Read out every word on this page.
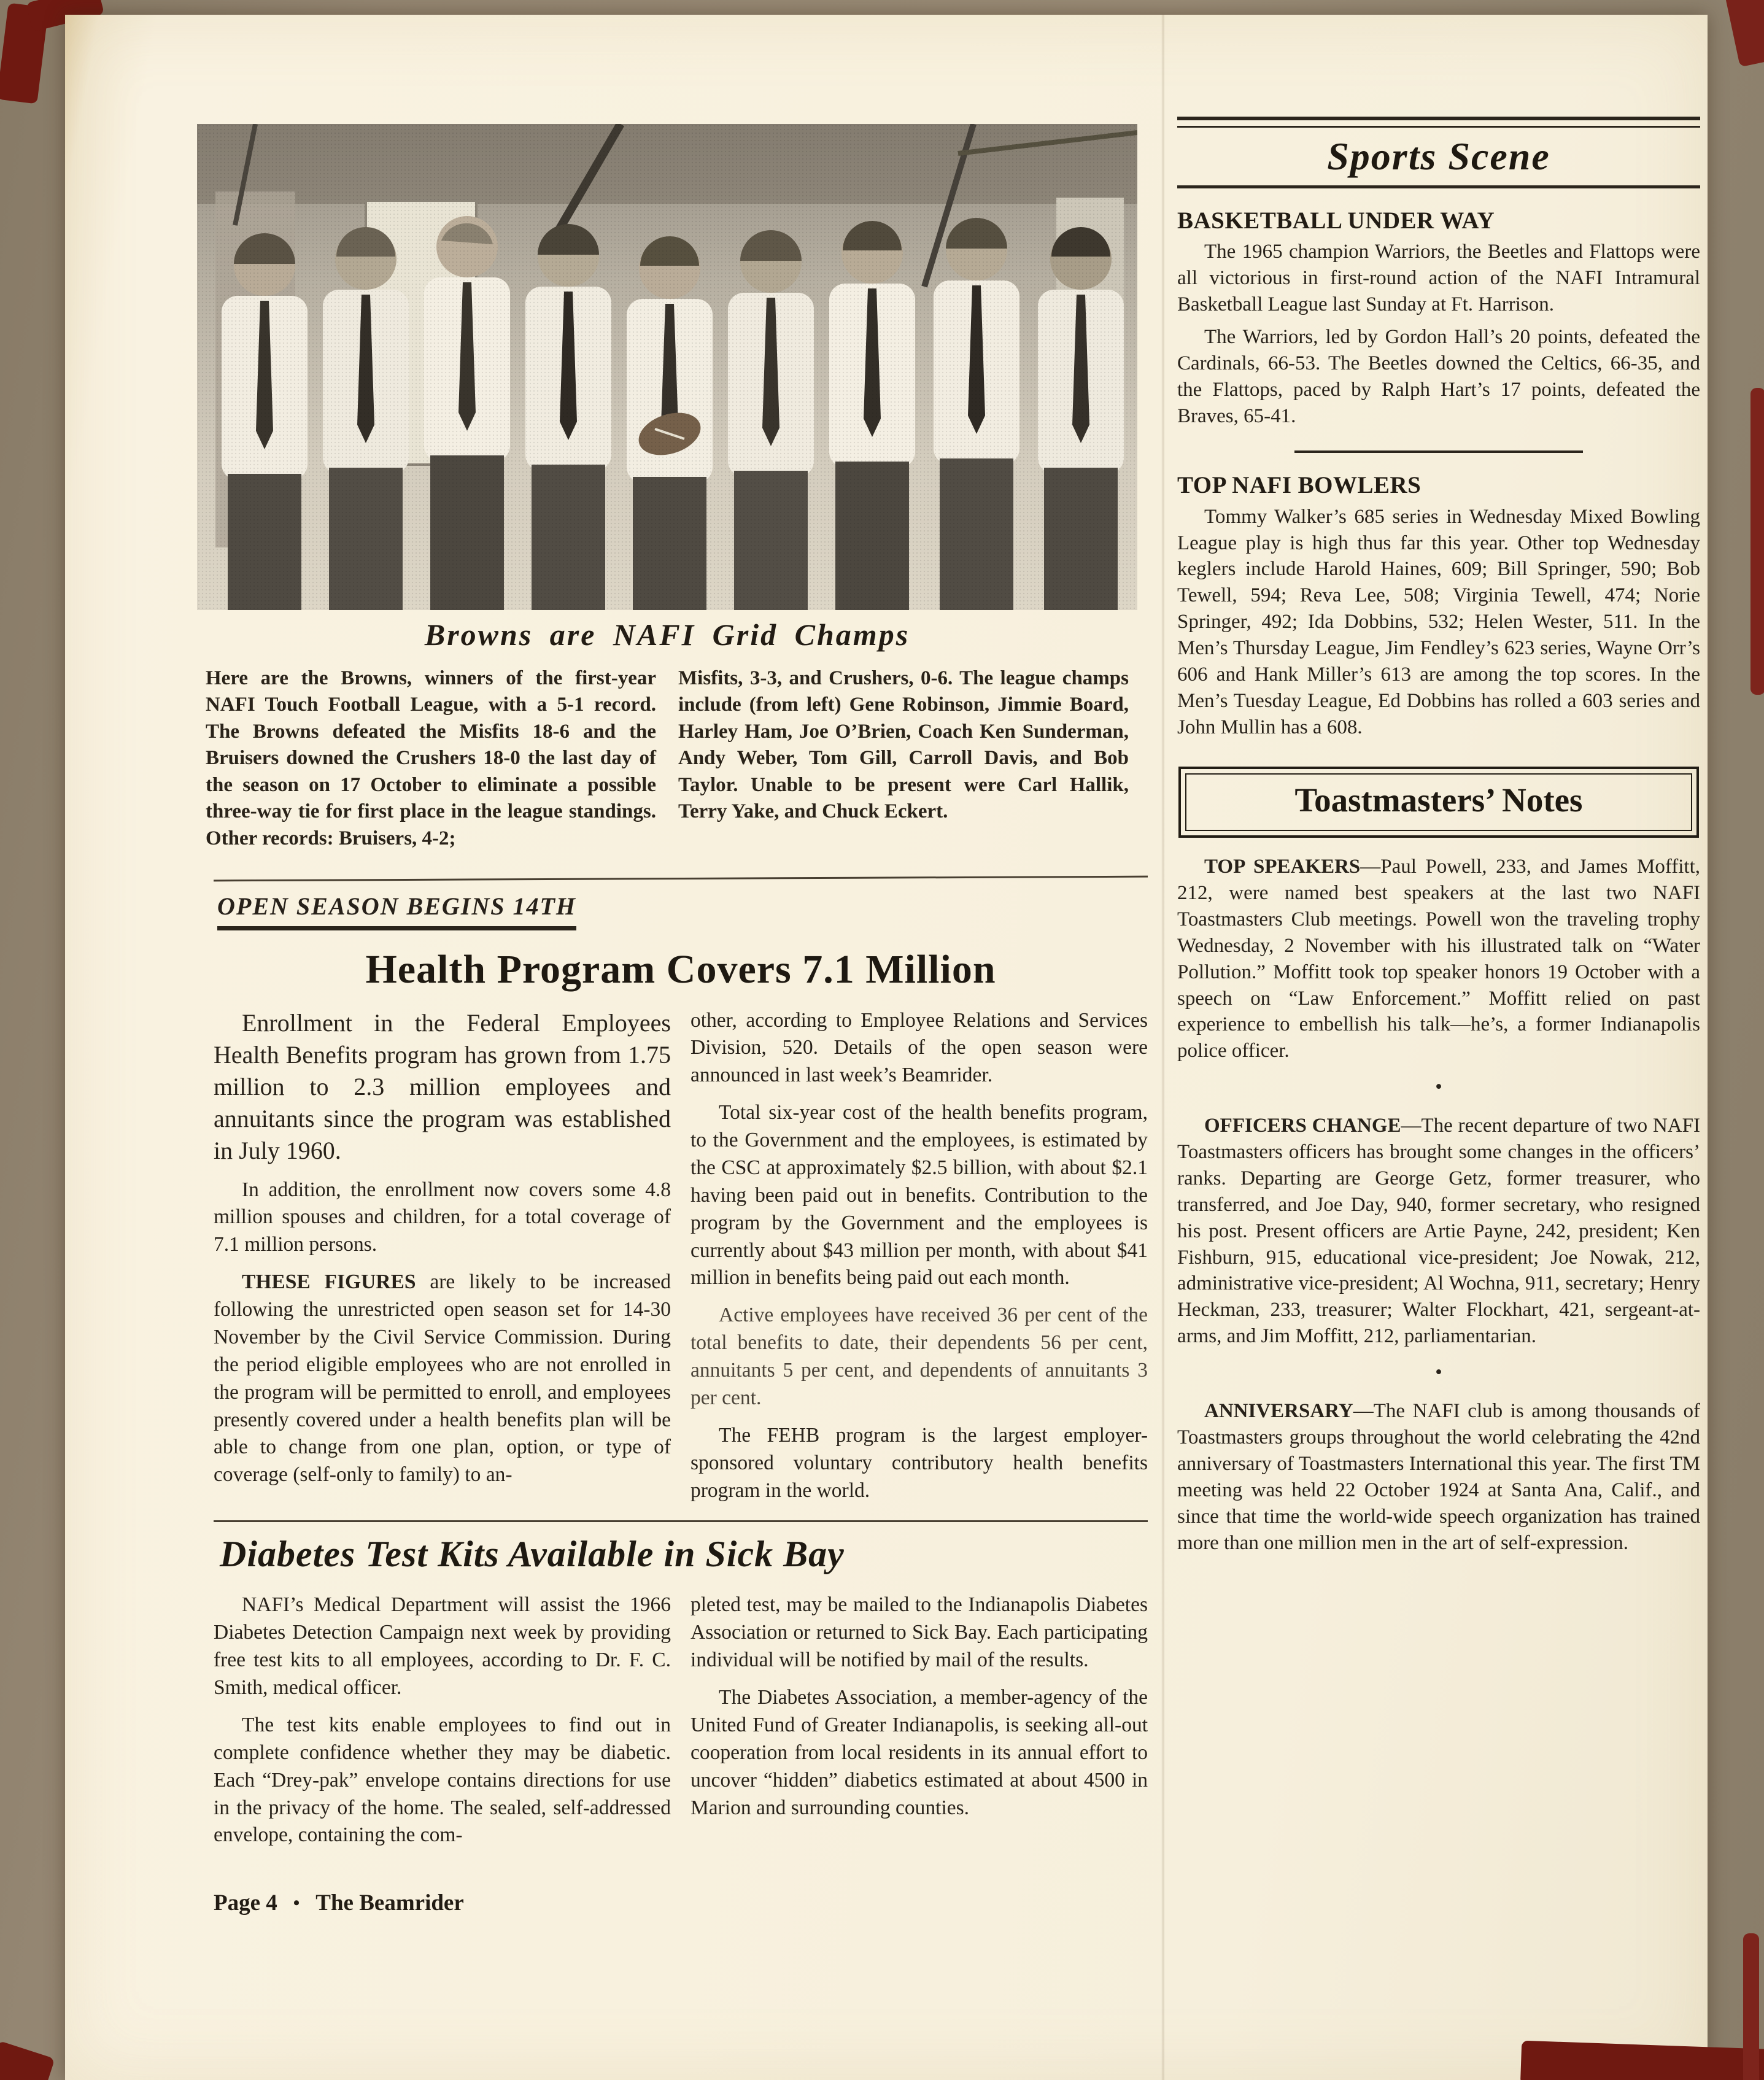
Browns are NAFI Grid Champs
Here are the Browns, winners of the first-year NAFI Touch Football League, with a 5-1 record. The Browns defeated the Misfits 18-6 and the Bruisers downed the Crushers 18-0 the last day of the season on 17 October to eliminate a possible three-way tie for first place in the league standings. Other records: Bruisers, 4-2;
Misfits, 3-3, and Crushers, 0-6. The league champs include (from left) Gene Robinson, Jimmie Board, Harley Ham, Joe O’Brien, Coach Ken Sunderman, Andy Weber, Tom Gill, Carroll Davis, and Bob Taylor. Unable to be present were Carl Hallik, Terry Yake, and Chuck Eckert.
OPEN SEASON BEGINS 14TH
Health Program Covers 7.1 Million

Enrollment in the Federal Employees Health Benefits program has grown from 1.75 million to 2.3 million employees and annuitants since the program was established in July 1960.

In addition, the enrollment now covers some 4.8 million spouses and children, for a total coverage of 7.1 million persons.

THESE FIGURES are likely to be increased following the unrestricted open season set for 14-30 November by the Civil Service Commission. During the period eligible employees who are not enrolled in the program will be permitted to enroll, and employees presently covered under a health benefits plan will be able to change from one plan, option, or type of coverage (self-only to family) to an-

other, according to Employee Relations and Services Division, 520. Details of the open season were announced in last week’s Beamrider.

Total six-year cost of the health benefits program, to the Government and the employees, is estimated by the CSC at approximately $2.5 billion, with about $2.1 having been paid out in benefits. Contribution to the program by the Government and the employees is currently about $43 million per month, with about $41 million in benefits being paid out each month.

Active employees have received 36 per cent of the total benefits to date, their dependents 56 per cent, annuitants 5 per cent, and dependents of annuitants 3 per cent.

The FEHB program is the largest employer-sponsored voluntary contributory health benefits program in the world.

Diabetes Test Kits Available in Sick Bay

NAFI’s Medical Department will assist the 1966 Diabetes Detection Campaign next week by providing free test kits to all employees, according to Dr. F. C. Smith, medical officer.

The test kits enable employees to find out in complete confidence whether they may be diabetic. Each “Drey-pak” envelope contains directions for use in the privacy of the home. The sealed, self-addressed envelope, containing the com-

pleted test, may be mailed to the Indianapolis Diabetes Association or returned to Sick Bay. Each participating individual will be notified by mail of the results.

The Diabetes Association, a member-agency of the United Fund of Greater Indianapolis, is seeking all-out cooperation from local residents in its annual effort to uncover “hidden” diabetics estimated at about 4500 in Marion and surrounding counties.

Page 4 • The Beamrider
Sports Scene
BASKETBALL UNDER WAY

The 1965 champion Warriors, the Beetles and Flattops were all victorious in first-round action of the NAFI Intramural Basketball League last Sunday at Ft. Harrison.

The Warriors, led by Gordon Hall’s 20 points, defeated the Cardinals, 66-53. The Beetles downed the Celtics, 66-35, and the Flattops, paced by Ralph Hart’s 17 points, defeated the Braves, 65-41.

TOP NAFI BOWLERS

Tommy Walker’s 685 series in Wednesday Mixed Bowling League play is high thus far this year. Other top Wednesday keglers include Harold Haines, 609; Bill Springer, 590; Bob Tewell, 594; Reva Lee, 508; Virginia Tewell, 474; Norie Springer, 492; Ida Dobbins, 532; Helen Wester, 511. In the Men’s Thursday League, Jim Fendley’s 623 series, Wayne Orr’s 606 and Hank Miller’s 613 are among the top scores. In the Men’s Tuesday League, Ed Dobbins has rolled a 603 series and John Mullin has a 608.

Toastmasters’ Notes

TOP SPEAKERS—Paul Powell, 233, and James Moffitt, 212, were named best speakers at the last two NAFI Toastmasters Club meetings. Powell won the traveling trophy Wednesday, 2 November with his illustrated talk on “Water Pollution.” Moffitt took top speaker honors 19 October with a speech on “Law Enforcement.” Moffitt relied on past experience to embellish his talk—he’s, a former Indianapolis police officer.

•

OFFICERS CHANGE—The recent departure of two NAFI Toastmasters officers has brought some changes in the officers’ ranks. Departing are George Getz, former treasurer, who transferred, and Joe Day, 940, former secretary, who resigned his post. Present officers are Artie Payne, 242, president; Ken Fishburn, 915, educational vice-president; Joe Nowak, 212, administrative vice-president; Al Wochna, 911, secretary; Henry Heckman, 233, treasurer; Walter Flockhart, 421, sergeant-at-arms, and Jim Moffitt, 212, parliamentarian.

•

ANNIVERSARY—The NAFI club is among thousands of Toastmasters groups throughout the world celebrating the 42nd anniversary of Toastmasters International this year. The first TM meeting was held 22 October 1924 at Santa Ana, Calif., and since that time the world-wide speech organization has trained more than one million men in the art of self-expression.
